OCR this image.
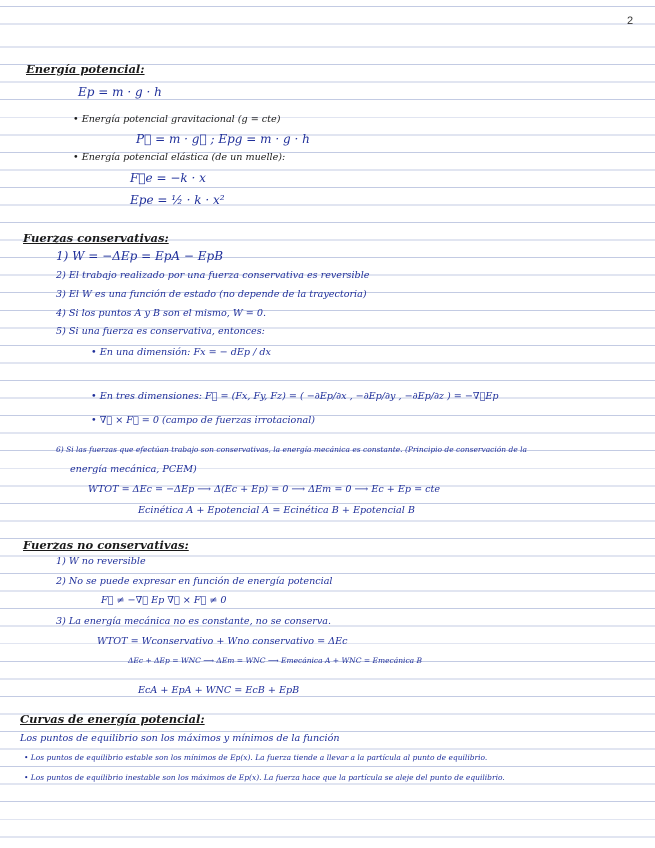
2
Energía potencial:
Ep = m · g · h
• Energía potencial gravitacional (g = cte)
P⃗ = m · g⃗ ; Epg = m · g · h
• Energía potencial elástica (de un muelle):
F⃗e = −k · x
Epe = ½ · k · x²
Fuerzas conservativas:
1) W = −ΔEp = EpA − EpB
2) El trabajo realizado por una fuerza conservativa es reversible
3) El W es una función de estado (no depende de la trayectoria)
4) Si los puntos A y B son el mismo, W = 0.
5) Si una fuerza es conservativa, entonces:
• En una dimensión: Fx = − dEp / dx
• En tres dimensiones: F⃗ = (Fx, Fy, Fz) = ( −∂Ep/∂x , −∂Ep/∂y , −∂Ep/∂z ) = −∇⃗Ep
• ∇⃗ × F⃗ = 0 (campo de fuerzas irrotacional)
6) Si las fuerzas que efectúan trabajo son conservativas, la energía mecánica es constante. (Principio de conservación de la
energía mecánica, PCEM)
WTOT = ΔEc = −ΔEp ⟶ Δ(Ec + Ep) = 0 ⟶ ΔEm = 0 ⟶ Ec + Ep = cte
Ecinética A + Epotencial A = Ecinética B + Epotencial B
Fuerzas no conservativas:
1) W no reversible
2) No se puede expresar en función de energía potencial
F⃗ ≠ −∇⃗ Ep ∇⃗ × F⃗ ≠ 0
3) La energía mecánica no es constante, no se conserva.
WTOT = Wconservativo + Wno conservativo = ΔEc
ΔEc + ΔEp = WNC ⟶ ΔEm = WNC ⟶ Emecánica A + WNC = Emecánica B
EcA + EpA + WNC = EcB + EpB
Curvas de energía potencial:
Los puntos de equilibrio son los máximos y mínimos de la función
• Los puntos de equilibrio estable son los mínimos de Ep(x). La fuerza tiende a llevar a la partícula al punto de equilibrio.
• Los puntos de equilibrio inestable son los máximos de Ep(x). La fuerza hace que la partícula se aleje del punto de equilibrio.
